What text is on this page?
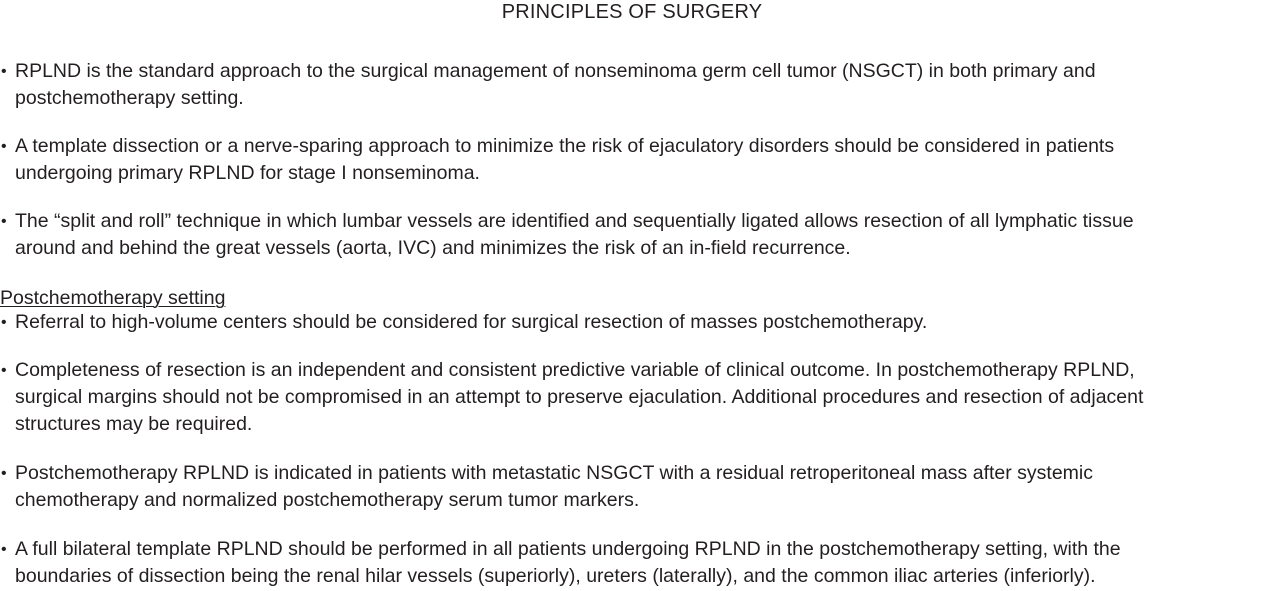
PRINCIPLES OF SURGERY
• RPLND is the standard approach to the surgical management of nonseminoma germ cell tumor (NSGCT) in both primary and
postchemotherapy setting.
• A template dissection or a nerve-sparing approach to minimize the risk of ejaculatory disorders should be considered in patients
undergoing primary RPLND for stage I nonseminoma.
• The “split and roll” technique in which lumbar vessels are identified and sequentially ligated allows resection of all lymphatic tissue
around and behind the great vessels (aorta, IVC) and minimizes the risk of an in-field recurrence.
Postchemotherapy setting
• Referral to high-volume centers should be considered for surgical resection of masses postchemotherapy.
• Completeness of resection is an independent and consistent predictive variable of clinical outcome. In postchemotherapy RPLND,
surgical margins should not be compromised in an attempt to preserve ejaculation. Additional procedures and resection of adjacent
structures may be required.
• Postchemotherapy RPLND is indicated in patients with metastatic NSGCT with a residual retroperitoneal mass after systemic
chemotherapy and normalized postchemotherapy serum tumor markers.
• A full bilateral template RPLND should be performed in all patients undergoing RPLND in the postchemotherapy setting, with the
boundaries of dissection being the renal hilar vessels (superiorly), ureters (laterally), and the common iliac arteries (inferiorly).
